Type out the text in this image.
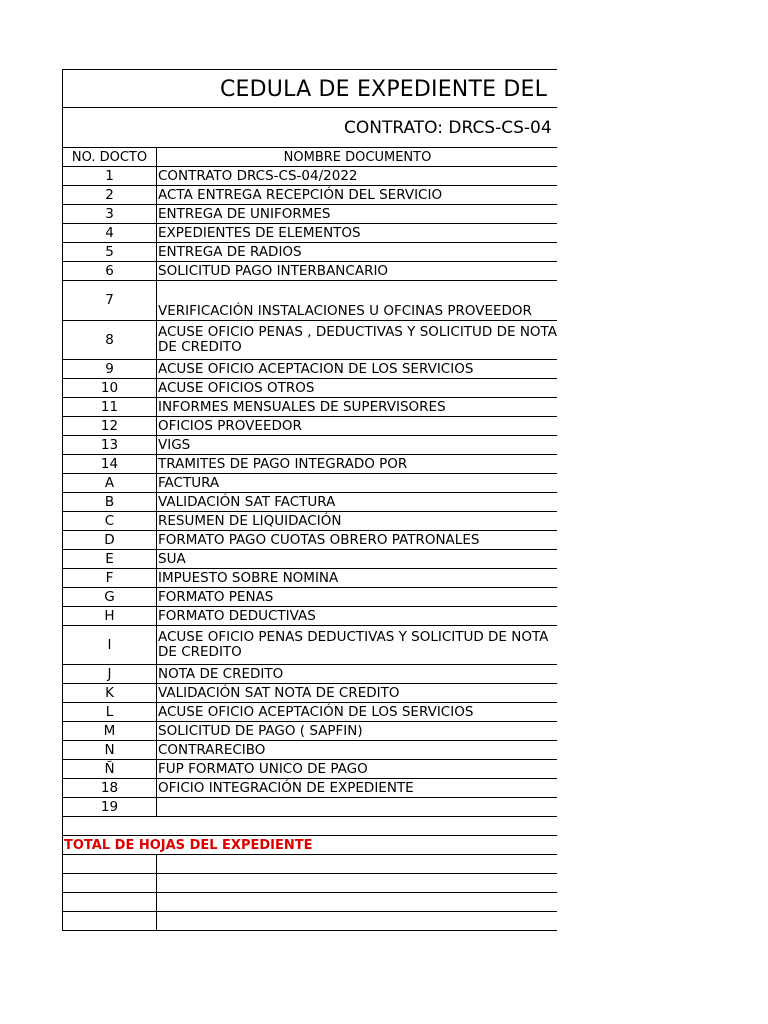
CEDULA DE EXPEDIENTE DEL
CONTRATO: DRCS-CS-04
NO. DOCTO	NOMBRE DOCUMENTO
1	CONTRATO DRCS-CS-04/2022
2	ACTA ENTREGA RECEPCIÓN DEL SERVICIO
3	ENTREGA DE UNIFORMES
4	EXPEDIENTES DE ELEMENTOS
5	ENTREGA DE RADIOS
6	SOLICITUD PAGO INTERBANCARIO
7	VERIFICACIÓN INSTALACIONES U OFCINAS PROVEEDOR
8	ACUSE OFICIO PENAS , DEDUCTIVAS Y SOLICITUD DE NOTA DE CREDITO
9	ACUSE OFICIO ACEPTACION DE LOS SERVICIOS
10	ACUSE OFICIOS OTROS
11	INFORMES MENSUALES DE SUPERVISORES
12	OFICIOS PROVEEDOR
13	VIGS
14	TRAMITES DE PAGO INTEGRADO POR
A	FACTURA
B	VALIDACIÓN SAT FACTURA
C	RESUMEN DE LIQUIDACIÓN
D	FORMATO PAGO CUOTAS OBRERO PATRONALES
E	SUA
F	IMPUESTO SOBRE NOMINA
G	FORMATO PENAS
H	FORMATO DEDUCTIVAS
I	ACUSE OFICIO PENAS DEDUCTIVAS Y SOLICITUD DE NOTA DE CREDITO
J	NOTA DE CREDITO
K	VALIDACIÓN SAT NOTA DE CREDITO
L	ACUSE OFICIO ACEPTACIÓN DE LOS SERVICIOS
M	SOLICITUD DE PAGO ( SAPFIN)
N	CONTRARECIBO
Ñ	FUP FORMATO UNICO DE PAGO
18	OFICIO INTEGRACIÓN DE EXPEDIENTE
19	

TOTAL DE HOJAS DEL EXPEDIENTE	
